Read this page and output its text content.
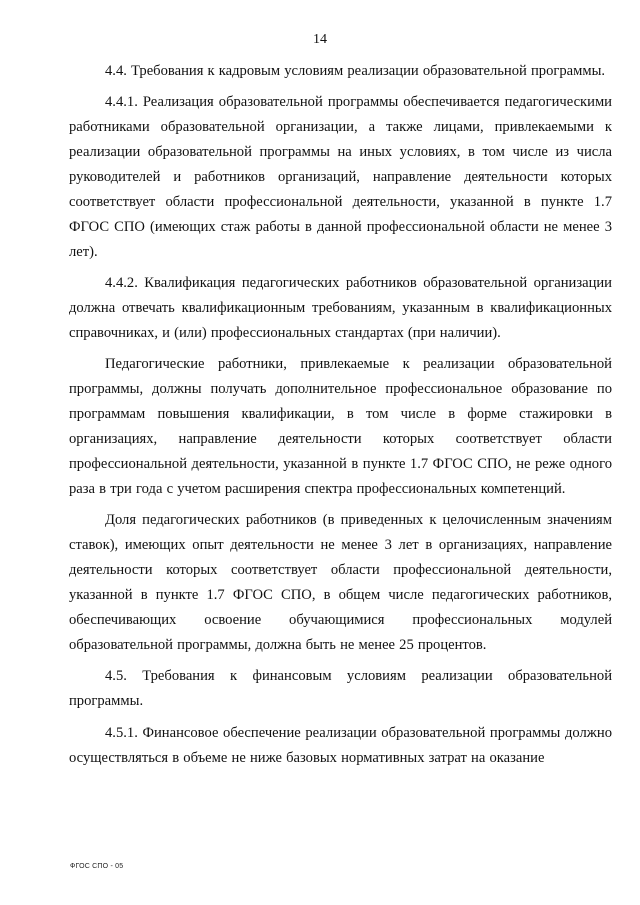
14

4.4. Требования к кадровым условиям реализации образовательной программы.

4.4.1. Реализация образовательной программы обеспечивается педагогическими работниками образовательной организации, а также лицами, привлекаемыми к реализации образовательной программы на иных условиях, в том числе из числа руководителей и работников организаций, направление деятельности которых соответствует области профессиональной деятельности, указанной в пункте 1.7 ФГОС СПО (имеющих стаж работы в данной профессиональной области не менее 3 лет).

4.4.2. Квалификация педагогических работников образовательной организации должна отвечать квалификационным требованиям, указанным в квалификационных справочниках, и (или) профессиональных стандартах (при наличии).

Педагогические работники, привлекаемые к реализации образовательной программы, должны получать дополнительное профессиональное образование по программам повышения квалификации, в том числе в форме стажировки в организациях, направление деятельности которых соответствует области профессиональной деятельности, указанной в пункте 1.7 ФГОС СПО, не реже одного раза в три года с учетом расширения спектра профессиональных компетенций.

Доля педагогических работников (в приведенных к целочисленным значениям ставок), имеющих опыт деятельности не менее 3 лет в организациях, направление деятельности которых соответствует области профессиональной деятельности, указанной в пункте 1.7 ФГОС СПО, в общем числе педагогических работников, обеспечивающих освоение обучающимися профессиональных модулей образовательной программы, должна быть не менее 25 процентов.

4.5. Требования к финансовым условиям реализации образовательной программы.

4.5.1. Финансовое обеспечение реализации образовательной программы должно осуществляться в объеме не ниже базовых нормативных затрат на оказание

ФГОС СПО - 05
